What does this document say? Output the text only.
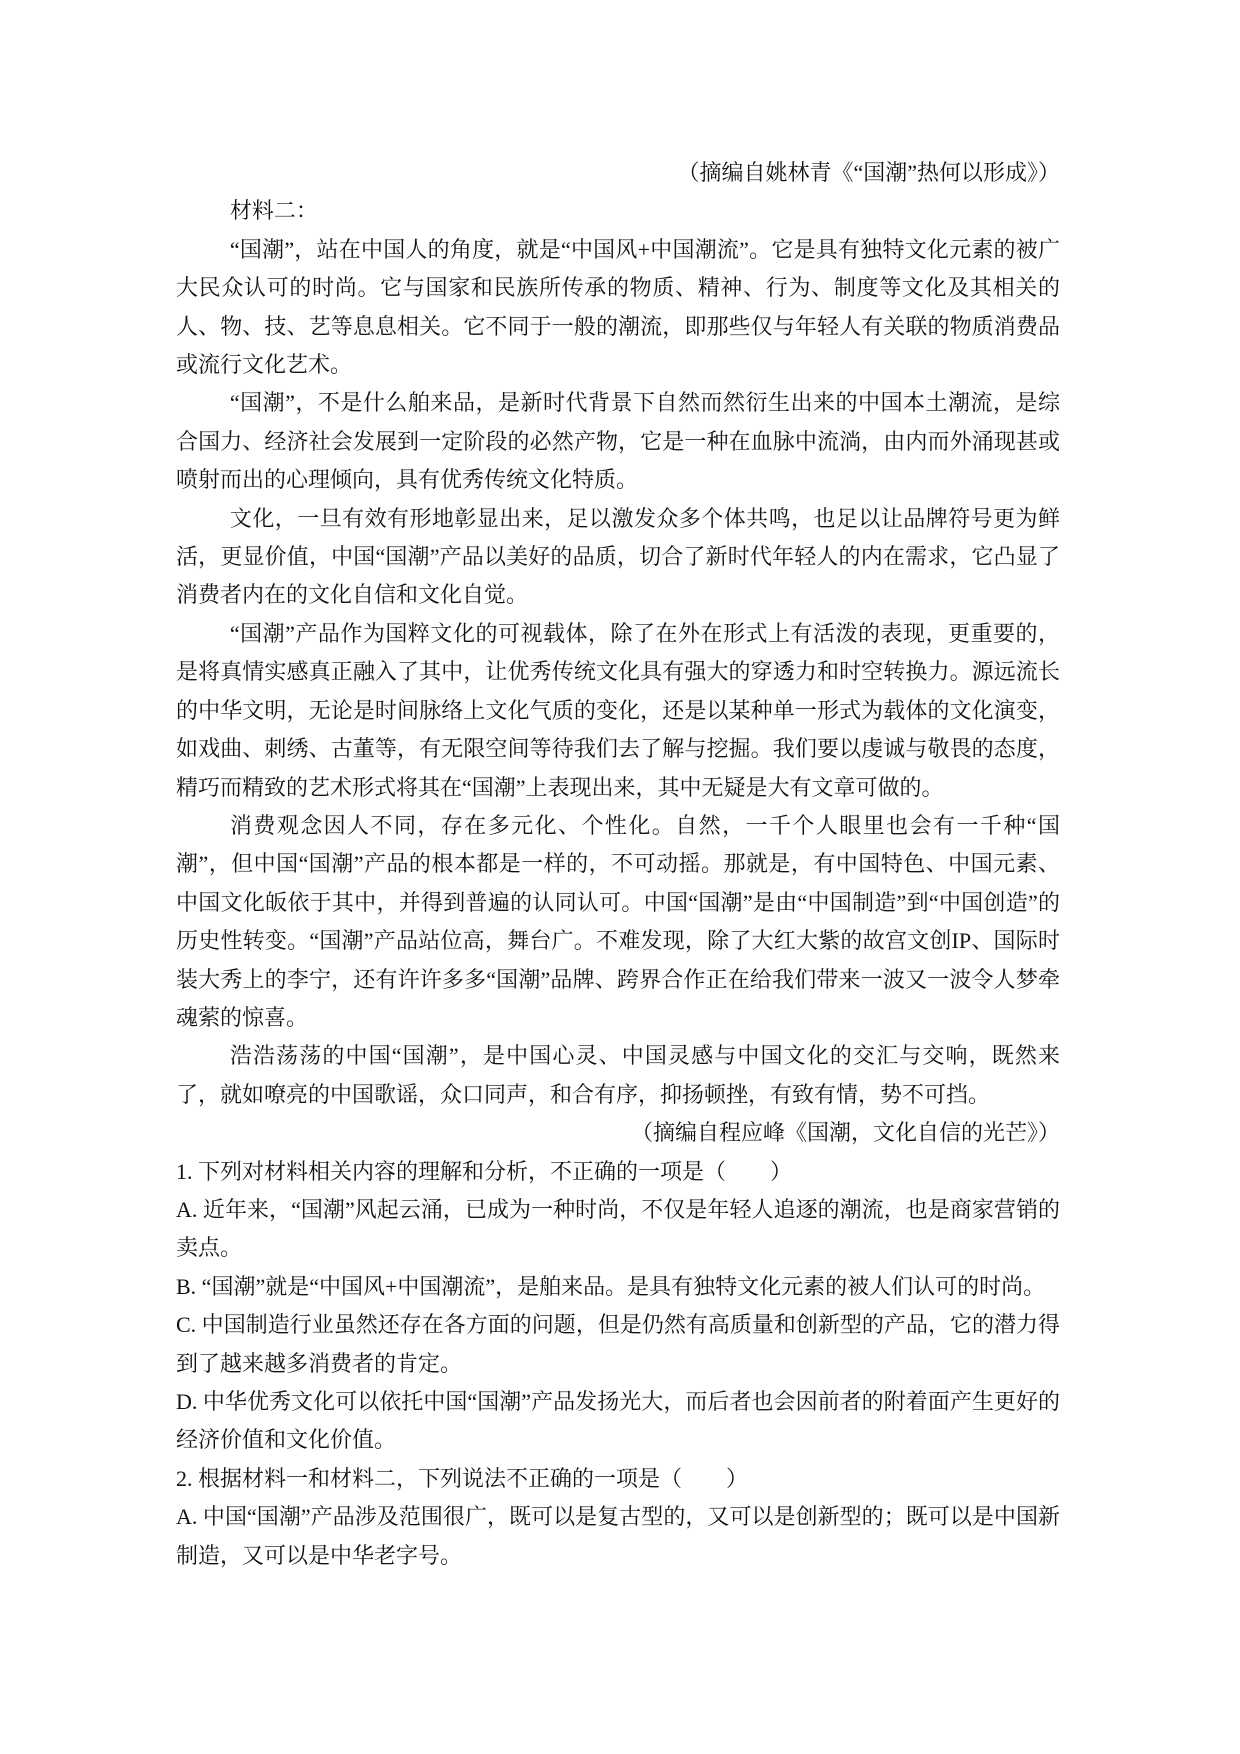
（摘编自姚林青《“国潮”热何以形成》）

材料二：

“国潮”，站在中国人的角度，就是“中国风+中国潮流”。它是具有独特文化元素的被广大民众认可的时尚。它与国家和民族所传承的物质、精神、行为、制度等文化及其相关的人、物、技、艺等息息相关。它不同于一般的潮流，即那些仅与年轻人有关联的物质消费品或流行文化艺术。

“国潮”，不是什么舶来品，是新时代背景下自然而然衍生出来的中国本土潮流，是综合国力、经济社会发展到一定阶段的必然产物，它是一种在血脉中流淌，由内而外涌现甚或喷射而出的心理倾向，具有优秀传统文化特质。

文化，一旦有效有形地彰显出来，足以激发众多个体共鸣，也足以让品牌符号更为鲜活，更显价值，中国“国潮”产品以美好的品质，切合了新时代年轻人的内在需求，它凸显了消费者内在的文化自信和文化自觉。

“国潮”产品作为国粹文化的可视载体，除了在外在形式上有活泼的表现，更重要的，是将真情实感真正融入了其中，让优秀传统文化具有强大的穿透力和时空转换力。源远流长的中华文明，无论是时间脉络上文化气质的变化，还是以某种单一形式为载体的文化演变，如戏曲、刺绣、古董等，有无限空间等待我们去了解与挖掘。我们要以虔诚与敬畏的态度，精巧而精致的艺术形式将其在“国潮”上表现出来，其中无疑是大有文章可做的。

消费观念因人不同，存在多元化、个性化。自然，一千个人眼里也会有一千种“国潮”，但中国“国潮”产品的根本都是一样的，不可动摇。那就是，有中国特色、中国元素、中国文化皈依于其中，并得到普遍的认同认可。中国“国潮”是由“中国制造”到“中国创造”的历史性转变。“国潮”产品站位高，舞台广。不难发现，除了大红大紫的故宫文创IP、国际时装大秀上的李宁，还有许许多多“国潮”品牌、跨界合作正在给我们带来一波又一波令人梦牵魂萦的惊喜。

浩浩荡荡的中国“国潮”，是中国心灵、中国灵感与中国文化的交汇与交响，既然来了，就如嘹亮的中国歌谣，众口同声，和合有序，抑扬顿挫，有致有情，势不可挡。

（摘编自程应峰《国潮，文化自信的光芒》）

1. 下列对材料相关内容的理解和分析，不正确的一项是（　　）

A. 近年来，“国潮”风起云涌，已成为一种时尚，不仅是年轻人追逐的潮流，也是商家营销的卖点。

B. “国潮”就是“中国风+中国潮流”，是舶来品。是具有独特文化元素的被人们认可的时尚。

C. 中国制造行业虽然还存在各方面的问题，但是仍然有高质量和创新型的产品，它的潜力得到了越来越多消费者的肯定。

D. 中华优秀文化可以依托中国“国潮”产品发扬光大，而后者也会因前者的附着面产生更好的经济价值和文化价值。

2. 根据材料一和材料二，下列说法不正确的一项是（　　）

A. 中国“国潮”产品涉及范围很广，既可以是复古型的，又可以是创新型的；既可以是中国新制造，又可以是中华老字号。
